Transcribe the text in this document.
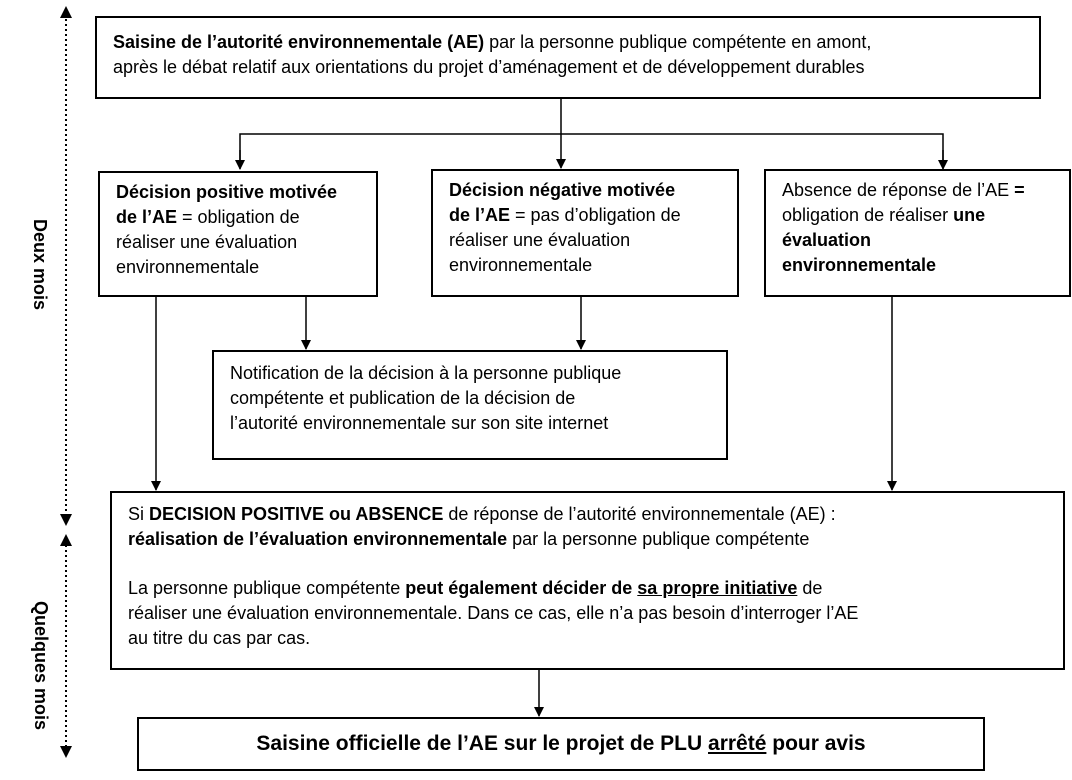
Deux mois
Quelques mois
Saisine de l’autorité environnementale (AE) par la personne publique compétente en amont,
après le débat relatif aux orientations du projet d’aménagement et de développement durables
Décision positive motivée
de l’AE = obligation de
réaliser une évaluation
environnementale
Décision négative motivée
de l’AE = pas d’obligation de
réaliser une évaluation
environnementale
Absence de réponse de l’AE =
obligation de réaliser une
évaluation
environnementale
Notification de la décision à la personne publique
compétente et publication de la décision de
l’autorité environnementale sur son site internet
Si DECISION POSITIVE ou ABSENCE de réponse de l’autorité environnementale (AE) :
réalisation de l’évaluation environnementale par la personne publique compétente
La personne publique compétente peut également décider de sa propre initiative de
réaliser une évaluation environnementale. Dans ce cas, elle n’a pas besoin d’interroger l’AE
au titre du cas par cas.
Saisine officielle de l’AE sur le projet de PLU arrêté pour avis
